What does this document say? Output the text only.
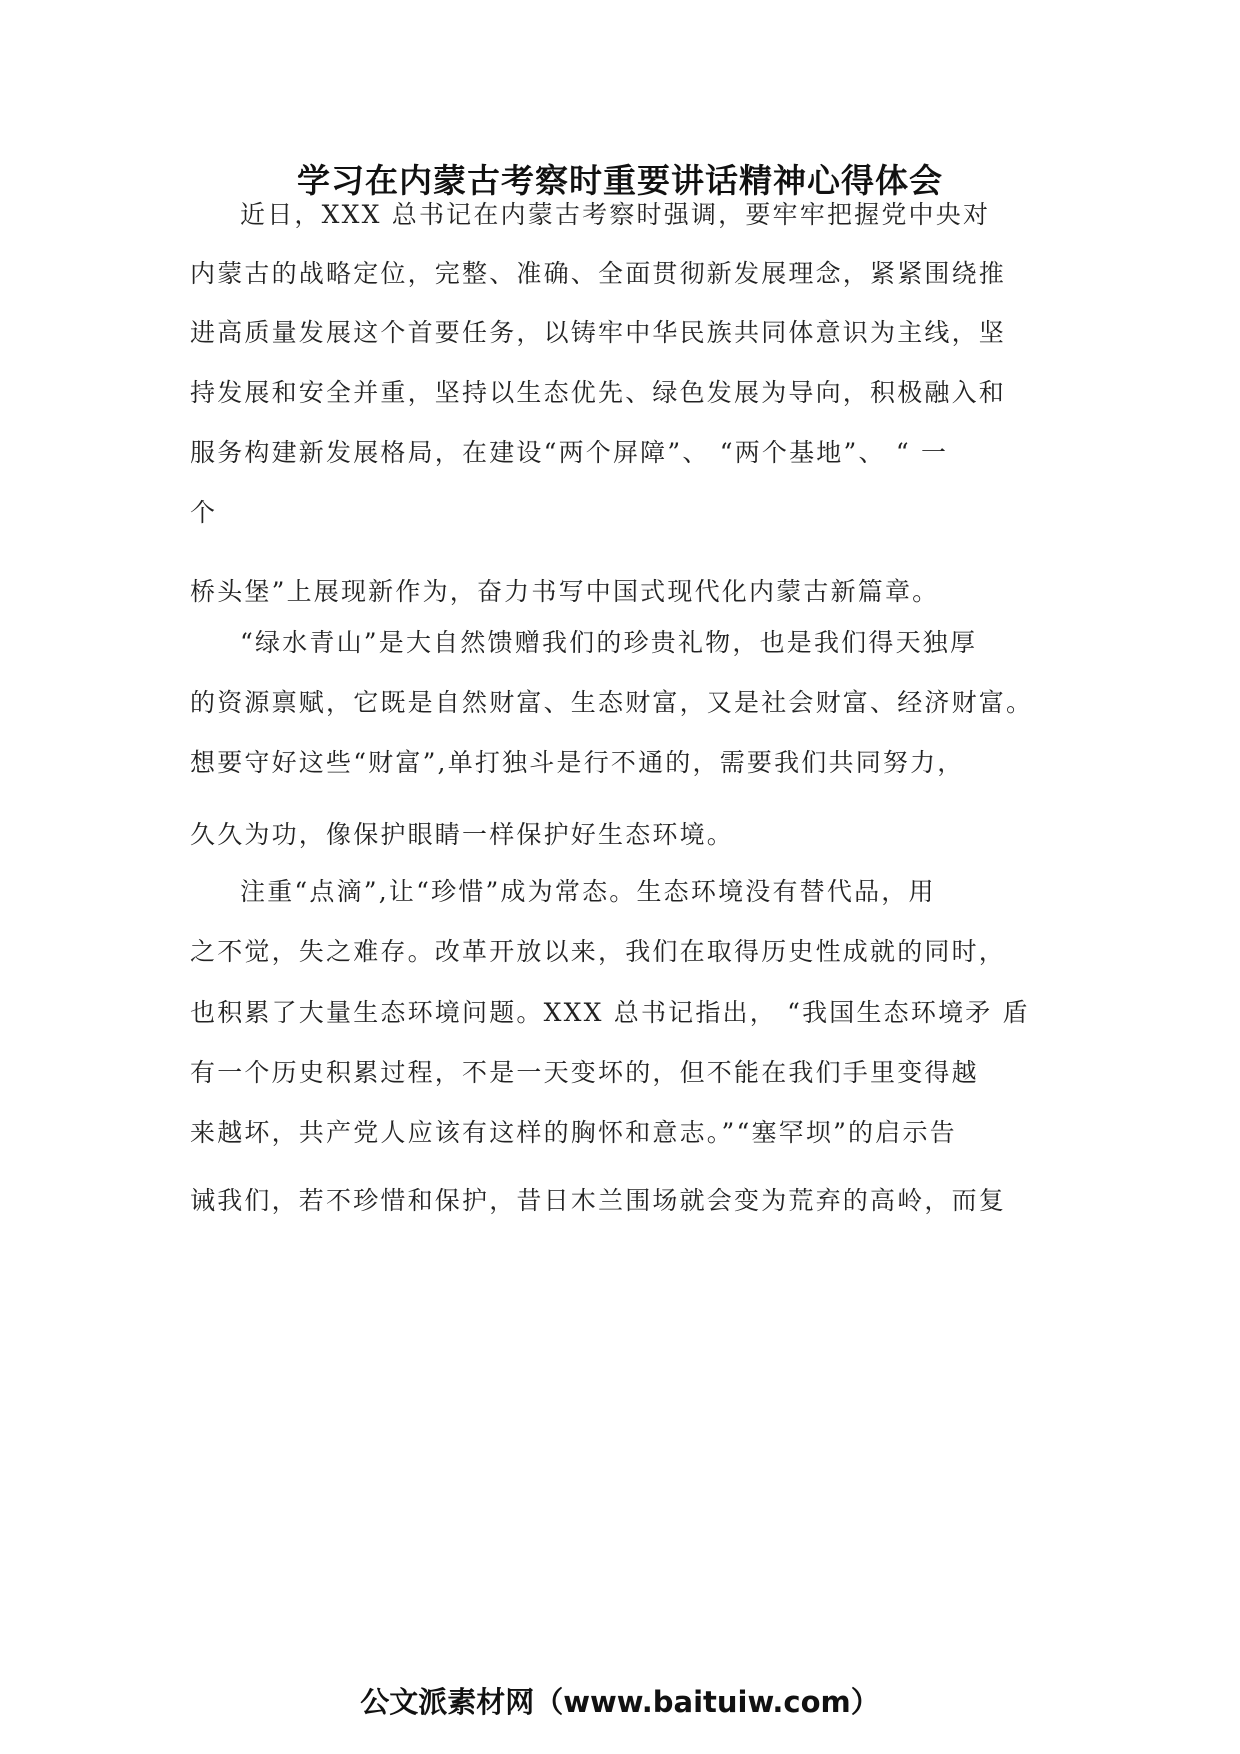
学习在内蒙古考察时重要讲话精神心得体会
近日，XXX 总书记在内蒙古考察时强调，要牢牢把握党中央对
内蒙古的战略定位，完整、准确、全面贯彻新发展理念，紧紧围绕推
进高质量发展这个首要任务，以铸牢中华民族共同体意识为主线，坚
持发展和安全并重，坚持以生态优先、绿色发展为导向，积极融入和
服务构建新发展格局，在建设“两个屏障”、 “两个基地”、 “ 一
个
桥头堡”上展现新作为，奋力书写中国式现代化内蒙古新篇章。
“绿水青山”是大自然馈赠我们的珍贵礼物，也是我们得天独厚
的资源禀赋，它既是自然财富、生态财富，又是社会财富、经济财富。
想要守好这些“财富”,单打独斗是行不通的，需要我们共同努力，
久久为功，像保护眼睛一样保护好生态环境。
注重“点滴”,让“珍惜”成为常态。生态环境没有替代品，用
之不觉，失之难存。改革开放以来，我们在取得历史性成就的同时，
也积累了大量生态环境问题。XXX 总书记指出， “我国生态环境矛 盾
有一个历史积累过程，不是一天变坏的，但不能在我们手里变得越
来越坏，共产党人应该有这样的胸怀和意志。”“塞罕坝”的启示告
诫我们，若不珍惜和保护，昔日木兰围场就会变为荒弃的高岭，而复
公文派素材网（www.baituiw.com）
